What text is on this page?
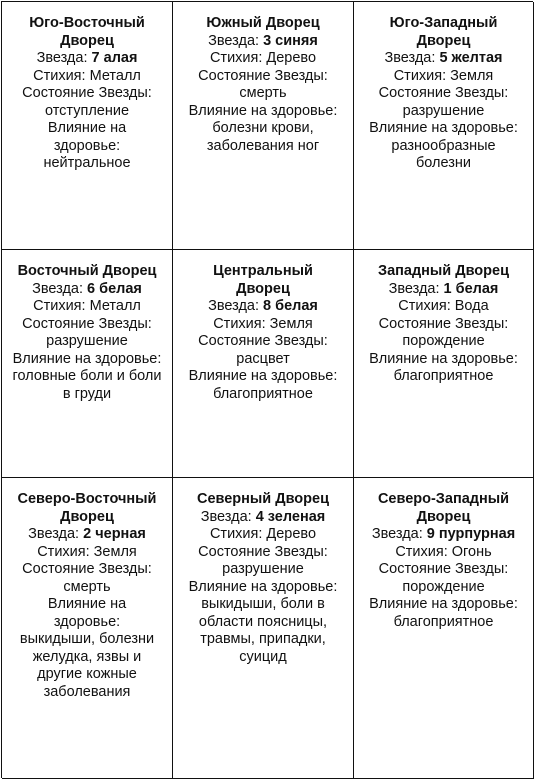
Юго-Восточный Дворец
Звезда: 7 алая
Стихия: Металл
Состояние Звезды:
отступление
Влияние на здоровье:
нейтральное
Южный Дворец
Звезда: 3 синяя
Стихия: Дерево
Состояние Звезды:
смерть
Влияние на здоровье:
болезни крови, заболевания ног
Юго-Западный Дворец
Звезда: 5 желтая
Стихия: Земля
Состояние Звезды:
разрушение
Влияние на здоровье:
разнообразные болезни
Восточный Дворец
Звезда: 6 белая
Стихия: Металл
Состояние Звезды:
разрушение
Влияние на здоровье: головные боли и боли в груди
Центральный Дворец
Звезда: 8 белая
Стихия: Земля
Состояние Звезды:
расцвет
Влияние на здоровье:
благоприятное
Западный Дворец
Звезда: 1 белая
Стихия: Вода
Состояние Звезды:
порождение
Влияние на здоровье:
благоприятное
Северо-Восточный Дворец
Звезда: 2 черная
Стихия: Земля
Состояние Звезды:
смерть
Влияние на здоровье:
выкидыши, болезни желудка, язвы и другие кожные заболевания
Северный Дворец
Звезда: 4 зеленая
Стихия: Дерево
Состояние Звезды:
разрушение
Влияние на здоровье:
выкидыши, боли в области поясницы, травмы, припадки, суицид
Северо-Западный Дворец
Звезда: 9 пурпурная
Стихия: Огонь
Состояние Звезды:
порождение
Влияние на здоровье:
благоприятное
